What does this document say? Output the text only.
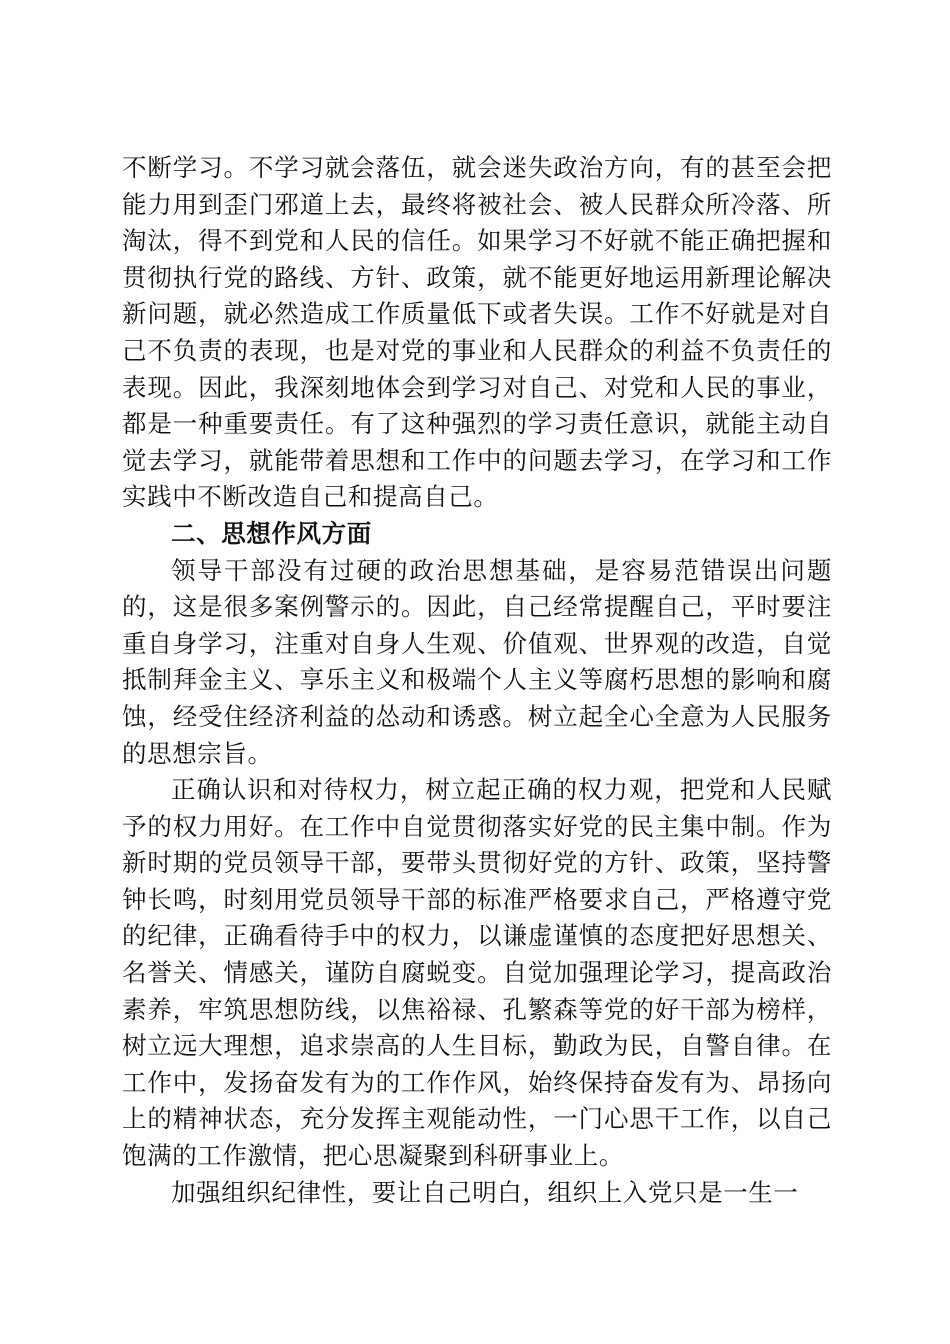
不断学习。不学习就会落伍，就会迷失政治方向，有的甚至会把能力用到歪门邪道上去，最终将被社会、被人民群众所冷落、所淘汰，得不到党和人民的信任。如果学习不好就不能正确把握和贯彻执行党的路线、方针、政策，就不能更好地运用新理论解决新问题，就必然造成工作质量低下或者失误。工作不好就是对自己不负责的表现，也是对党的事业和人民群众的利益不负责任的表现。因此，我深刻地体会到学习对自己、对党和人民的事业，都是一种重要责任。有了这种强烈的学习责任意识，就能主动自觉去学习，就能带着思想和工作中的问题去学习，在学习和工作实践中不断改造自己和提高自己。

二、思想作风方面

领导干部没有过硬的政治思想基础，是容易范错误出问题的，这是很多案例警示的。因此，自己经常提醒自己，平时要注重自身学习，注重对自身人生观、价值观、世界观的改造，自觉抵制拜金主义、享乐主义和极端个人主义等腐朽思想的影响和腐蚀，经受住经济利益的怂动和诱惑。树立起全心全意为人民服务的思想宗旨。

正确认识和对待权力，树立起正确的权力观，把党和人民赋予的权力用好。在工作中自觉贯彻落实好党的民主集中制。作为新时期的党员领导干部，要带头贯彻好党的方针、政策，坚持警钟长鸣，时刻用党员领导干部的标准严格要求自己，严格遵守党的纪律，正确看待手中的权力，以谦虚谨慎的态度把好思想关、名誉关、情感关，谨防自腐蜕变。自觉加强理论学习，提高政治素养，牢筑思想防线，以焦裕禄、孔繁森等党的好干部为榜样，树立远大理想，追求崇高的人生目标，勤政为民，自警自律。在工作中，发扬奋发有为的工作作风，始终保持奋发有为、昂扬向上的精神状态，充分发挥主观能动性，一门心思干工作，以自己饱满的工作激情，把心思凝聚到科研事业上。

加强组织纪律性，要让自己明白，组织上入党只是一生一
